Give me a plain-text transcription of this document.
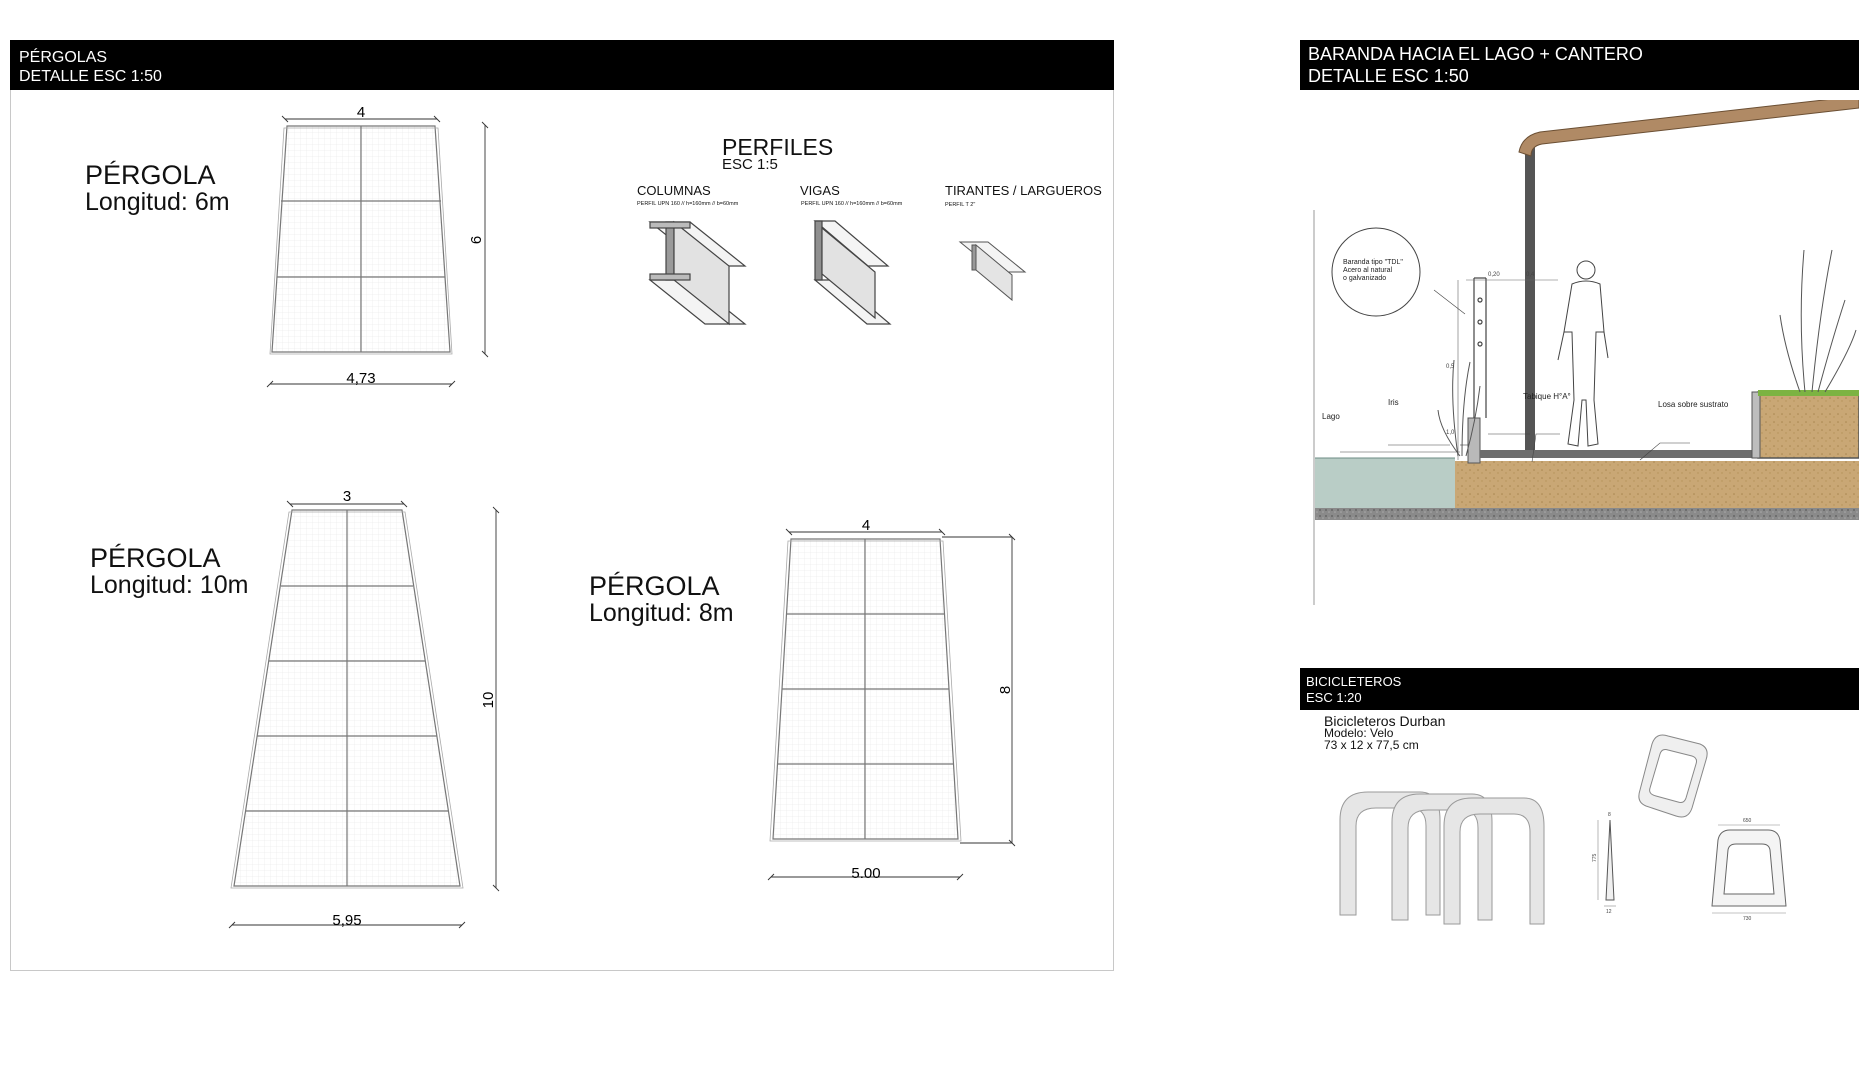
PÉRGOLAS
DETALLE ESC 1:50
PÉRGOLA
Longitud: 6m
PÉRGOLA
Longitud: 10m	PÉRGOLA
Longitud: 8m
PERFILES
ESC 1:5
COLUMNAS
PERFIL UPN 160 // h=160mm // b=60mm
VIGAS
PERFIL UPN 160 // h=160mm // b=60mm
TIRANTES / LARGUEROS
PERFIL T 2"
4
4,73
6
3
5,95
10
4
5.00
8
BARANDA HACIA EL LAGO + CANTERO
DETALLE ESC 1:50
0,20	0,4
0,5
1,0
Baranda tipo "TDL"
Acero al natural
o galvanizado
Lago
Iris
Tabique H°A°
Losa sobre sustrato
BICICLETEROS
ESC 1:20
Bicicleteros Durban
Modelo: Velo
73 x 12 x 77,5 cm
775
8
12
650
730
